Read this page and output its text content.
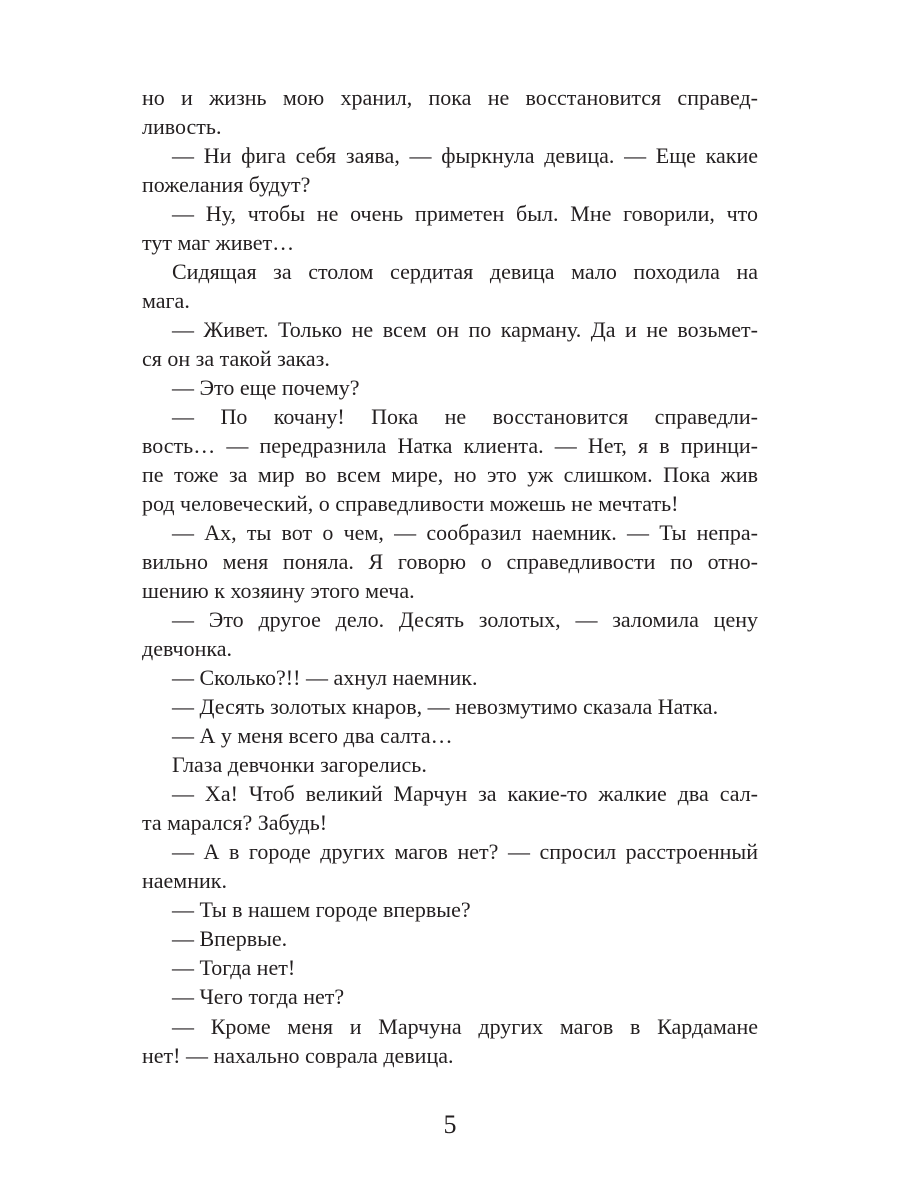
но и жизнь мою хранил, пока не восстановится справед-
ливость.
— Ни фига себя заява, — фыркнула девица. — Еще какие
пожелания будут?
— Ну, чтобы не очень приметен был. Мне говорили, что
тут маг живет…
Сидящая за столом сердитая девица мало походила на
мага.
— Живет. Только не всем он по карману. Да и не возьмет-
ся он за такой заказ.
— Это еще почему?
— По кочану! Пока не восстановится справедли-
вость… — передразнила Натка клиента. — Нет, я в принци-
пе тоже за мир во всем мире, но это уж слишком. Пока жив
род человеческий, о справедливости можешь не мечтать!
— Ах, ты вот о чем, — сообразил наемник. — Ты непра-
вильно меня поняла. Я говорю о справедливости по отно-
шению к хозяину этого меча.
— Это другое дело. Десять золотых, — заломила цену
девчонка.
— Сколько?!! — ахнул наемник.
— Десять золотых кнаров, — невозмутимо сказала Натка.
— А у меня всего два салта…
Глаза девчонки загорелись.
— Ха! Чтоб великий Марчун за какие-то жалкие два сал-
та марался? Забудь!
— А в городе других магов нет? — спросил расстроенный
наемник.
— Ты в нашем городе впервые?
— Впервые.
— Тогда нет!
— Чего тогда нет?
— Кроме меня и Марчуна других магов в Кардамане
нет! — нахально соврала девица.
5
